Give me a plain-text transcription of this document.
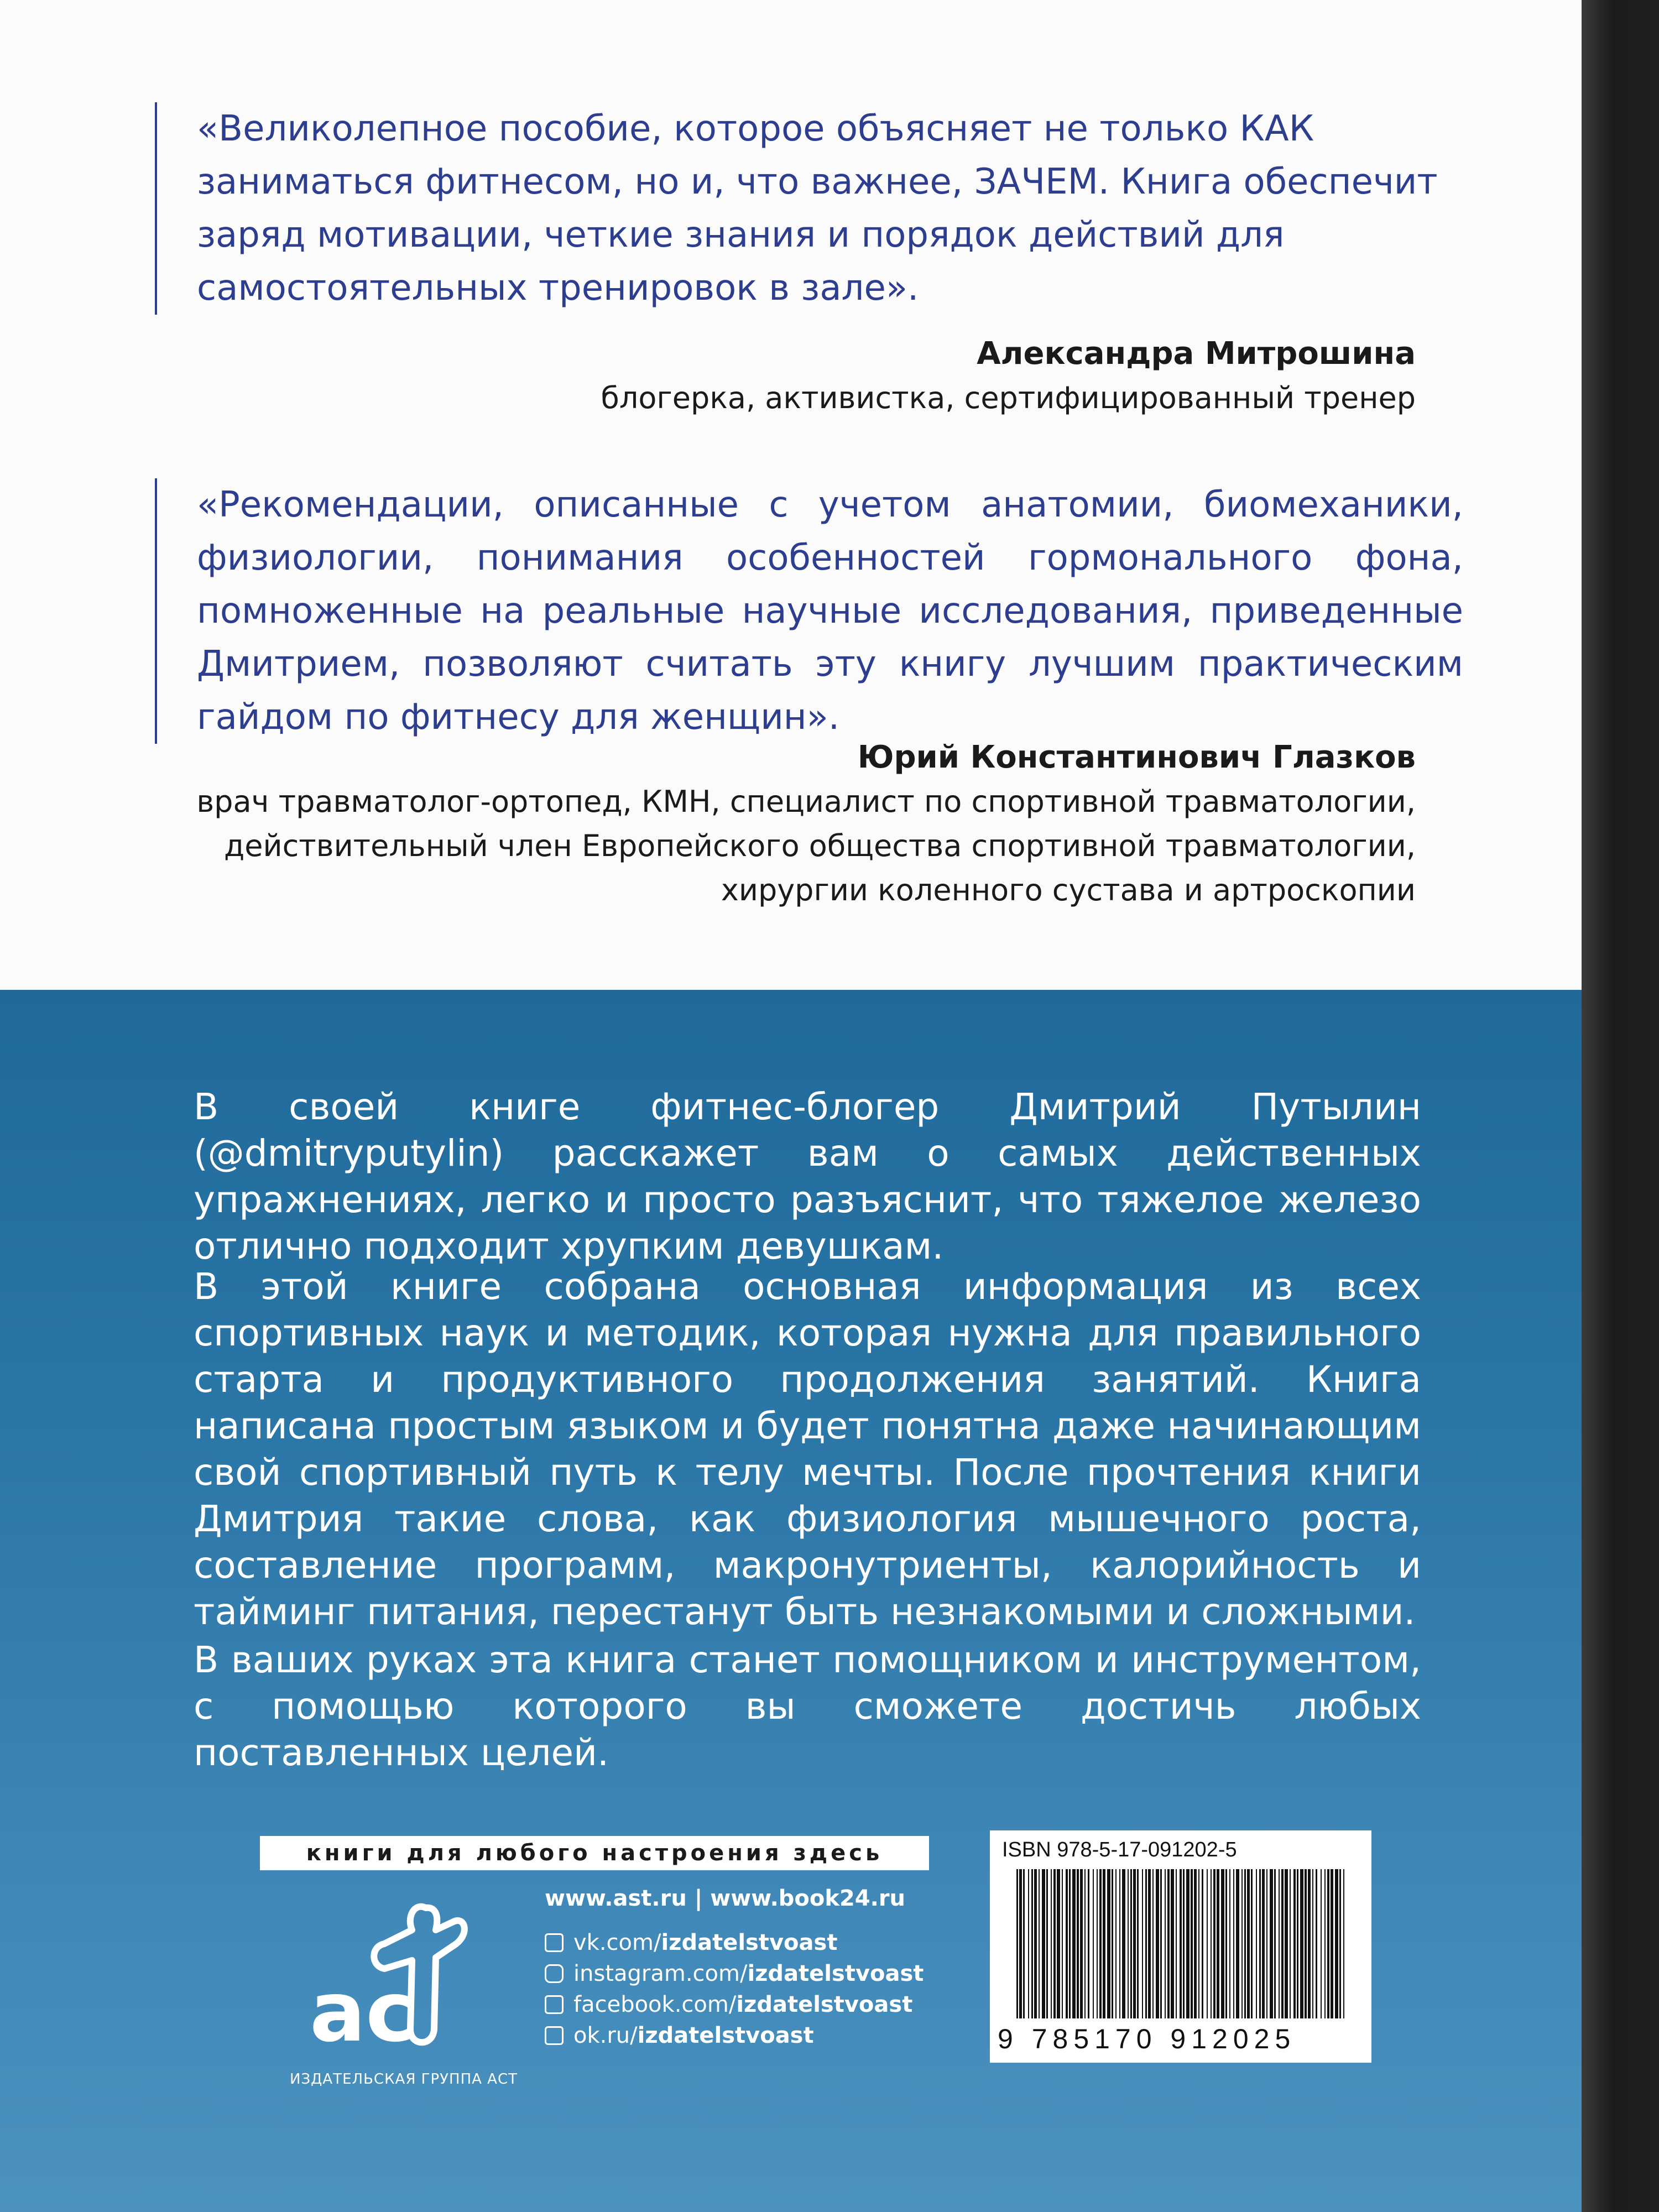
«Великолепное пособие, которое объясняет не только КАК заниматься фитнесом, но и, что важнее, ЗАЧЕМ. Книга обеспечит заряд мотивации, четкие знания и порядок действий для самостоятельных тренировок в зале».

Александра Митрошина
блогерка, активистка, сертифицированный тренер

«Рекомендации, описанные с учетом анатомии, биомеханики, физиологии, понимания особенностей гормонального фона, помноженные на реальные научные исследования, приведенные Дмитрием, позволяют считать эту книгу лучшим практическим гайдом по фитнесу для женщин».

Юрий Константинович Глазков
врач травматолог-ортопед, КМН, специалист по спортивной травматологии,
действительный член Европейского общества спортивной травматологии,
хирургии коленного сустава и артроскопии

В своей книге фитнес-блогер Дмитрий Путылин (@dmitryputylin) расскажет вам о самых действенных упражнениях, легко и просто разъяснит, что тяжелое железо отлично подходит хрупким девушкам.

В этой книге собрана основная информация из всех спортивных наук и методик, которая нужна для правильного старта и продуктивного продолжения занятий. Книга написана простым языком и будет понятна даже начинающим свой спортивный путь к телу мечты. После прочтения книги Дмитрия такие слова, как физиология мышечного роста, составление программ, макронутриенты, калорийность и тайминг питания, перестанут быть незнакомыми и сложными.

В ваших руках эта книга станет помощником и инструментом, с помощью которого вы сможете достичь любых поставленных целей.

книги для любого настроения здесь
ac
ИЗДАТЕЛЬСКАЯ ГРУППА АСТ
www.ast.ru | www.book24.ru
vk.com/ izdatelstvoast
instagram.com/ izdatelstvoast
facebook.com/ izdatelstvoast
ok.ru/ izdatelstvoast
ISBN 978-5-17-091202-5
9 785170 912025
